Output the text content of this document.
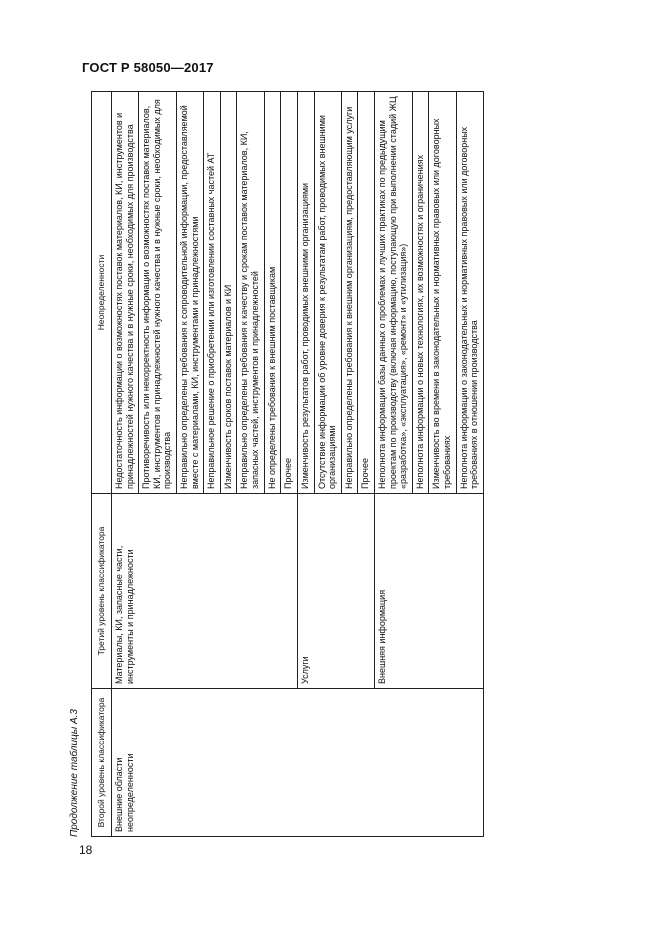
ГОСТ Р 58050—2017
Продолжение таблицы А.3	Второй уровень классификатора	Третий уровень классификатора	Неопределенности
Внешние области неопределенности	Материалы, КИ, запасные части, инструменты и принадлежности	Недостаточность информации о возможностях поставок материалов, КИ, инструментов и принадлежностей нужного качества и в нужные сроки, необходимых для производства
		Противоречивость или некорректность информации о возможностях поставок материалов, КИ, инструментов и принадлежностей нужного качества и в нужные сроки, необходимых для производства
		Неправильно определены требования к сопроводительной информации, предоставляемой вместе с материалами, КИ, инструментами и принадлежностями
		Неправильное решение о приобретении или изготовлении составных частей АТ
		Изменчивость сроков поставок материалов и КИ
		Неправильно определены требования к качеству и срокам поставок материалов, КИ, запасных частей, инструментов и принадлежностей
		Не определены требования к внешним поставщикам
		Прочее
	Услуги	Изменчивость результатов работ, проводимых внешними организациями
		Отсутствие информации об уровне доверия к результатам работ, проводимых внешними организациями
		Неправильно определены требования к внешним организациям, предоставляющим услуги
		Прочее
	Внешняя информация	Неполнота информации базы данных о проблемах и лучших практиках по предыдущим проектам по производству (включая информацию, поступающую при выполнении стадий ЖЦ «разработка», «эксплуатация», «ремонт» и «утилизация»)
		Неполнота информации о новых технологиях, их возможностях и ограничениях
		Изменчивость во времени в законодательных и нормативных правовых или договорных требованиях
		Неполнота информации о законодательных и нормативных правовых или договорных требованиях в отношении производства
18
